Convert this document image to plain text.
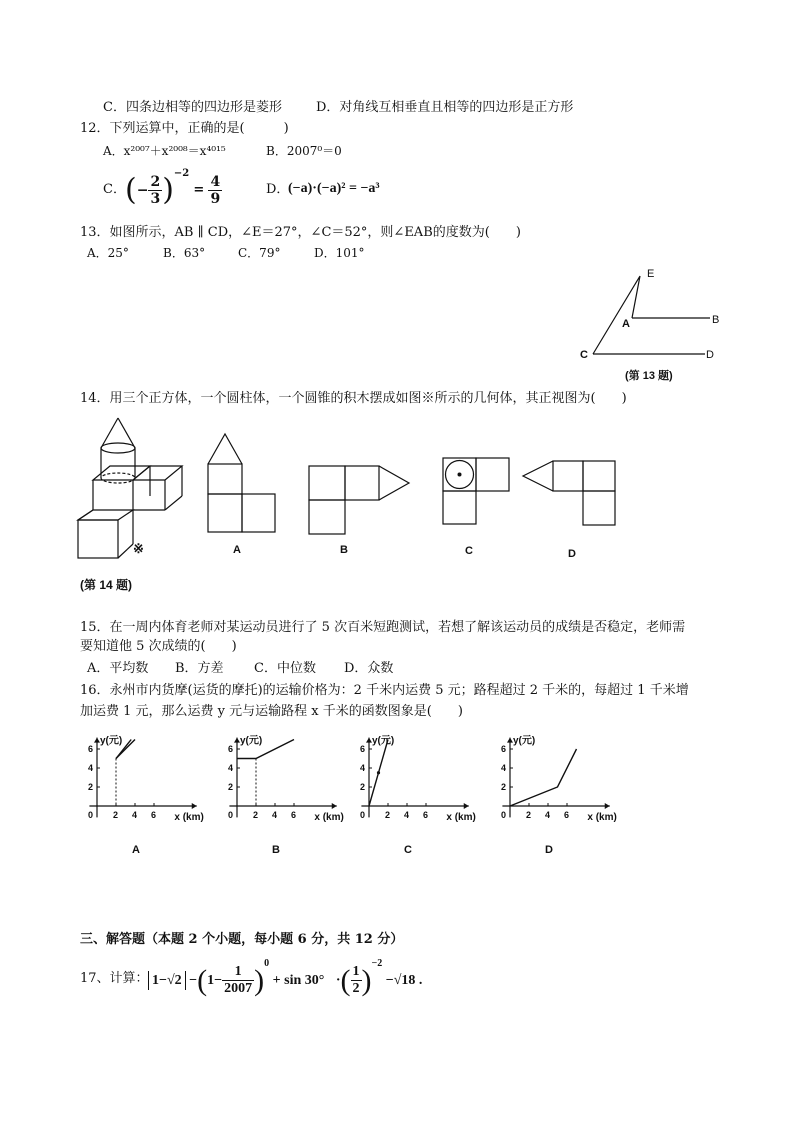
C．四条边相等的四边形是菱形	D．对角线互相垂直且相等的四边形是正方形
12．下列运算中，正确的是(　　　)
A．x²⁰⁰⁷＋x²⁰⁰⁸＝x⁴⁰¹⁵	B．2007⁰＝0
C． (− $\frac{2}{3} )^{-2} = \frac{4}{9}$	D．
(−a)·(−a)² = −a³
13．如图所示，AB ∥ CD，∠E＝27°，∠C＝52°，则∠EAB的度数为(　　)
A．25°	B．63°	C．79°	D．101°
E
A	B
C	D
(第 13 题)
14．用三个正方体，一个圆柱体，一个圆锥的积木摆成如图※所示的几何体，其正视图为(　　)
※	A	B	C	D
(第 14 题)
15．在一周内体育老师对某运动员进行了 5 次百米短跑测试，若想了解该运动员的成绩是否稳定，老师需
要知道他 5 次成绩的(　　)
A．平均数 B．方差 C．中位数 D．众数
16．永州市内货摩(运货的摩托)的运输价格为：2 千米内运费 5 元；路程超过 2 千米的，每超过 1 千米增
加运费 1 元，那么运费 y 元与运输路程 x 千米的函数图象是(　　)
y(元)
0 2 4 6
2
4
6
x (km)
A
y(元)
0 2 4 6
2
4
6
x (km)
B
y(元)
0 2 4 6
2
4
6
x (km)
C
y(元)
0 2 4 6
2
4
6
x (km)
D
三、解答题（本题 2 个小题，每小题 6 分，共 12 分）
17、计算： $1-√2 -(1- \frac{1}{2007} )^0 + \sin 30^\circ$ ·( $\frac{1}{2} )^{-2} -√18$ .
